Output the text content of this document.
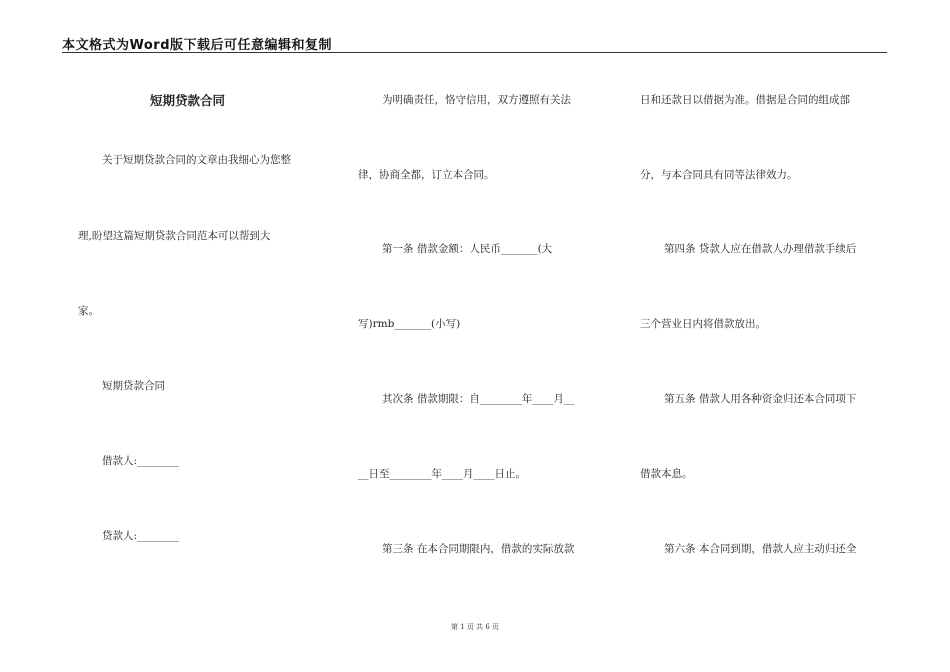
本文格式为Word版下载后可任意编辑和复制
短期贷款合同
关于短期贷款合同的文章由我细心为您整
理,盼望这篇短期贷款合同范本可以帮到大
家。
短期贷款合同
借款人:________
贷款人:________
为明确责任，恪守信用，双方遵照有关法
律，协商全都，订立本合同。
第一条 借款金额：人民币_______(大
写)rmb_______(小写)
其次条 借款期限：自________年____月__
__日至________年____月____日止。
第三条 在本合同期限内，借款的实际放款
日和还款日以借据为准。借据是合同的组成部
分，与本合同具有同等法律效力。
第四条 贷款人应在借款人办理借款手续后
三个营业日内将借款放出。
第五条 借款人用各种资金归还本合同项下
借款本息。
第六条 本合同到期，借款人应主动归还全
第 1 页 共 6 页
